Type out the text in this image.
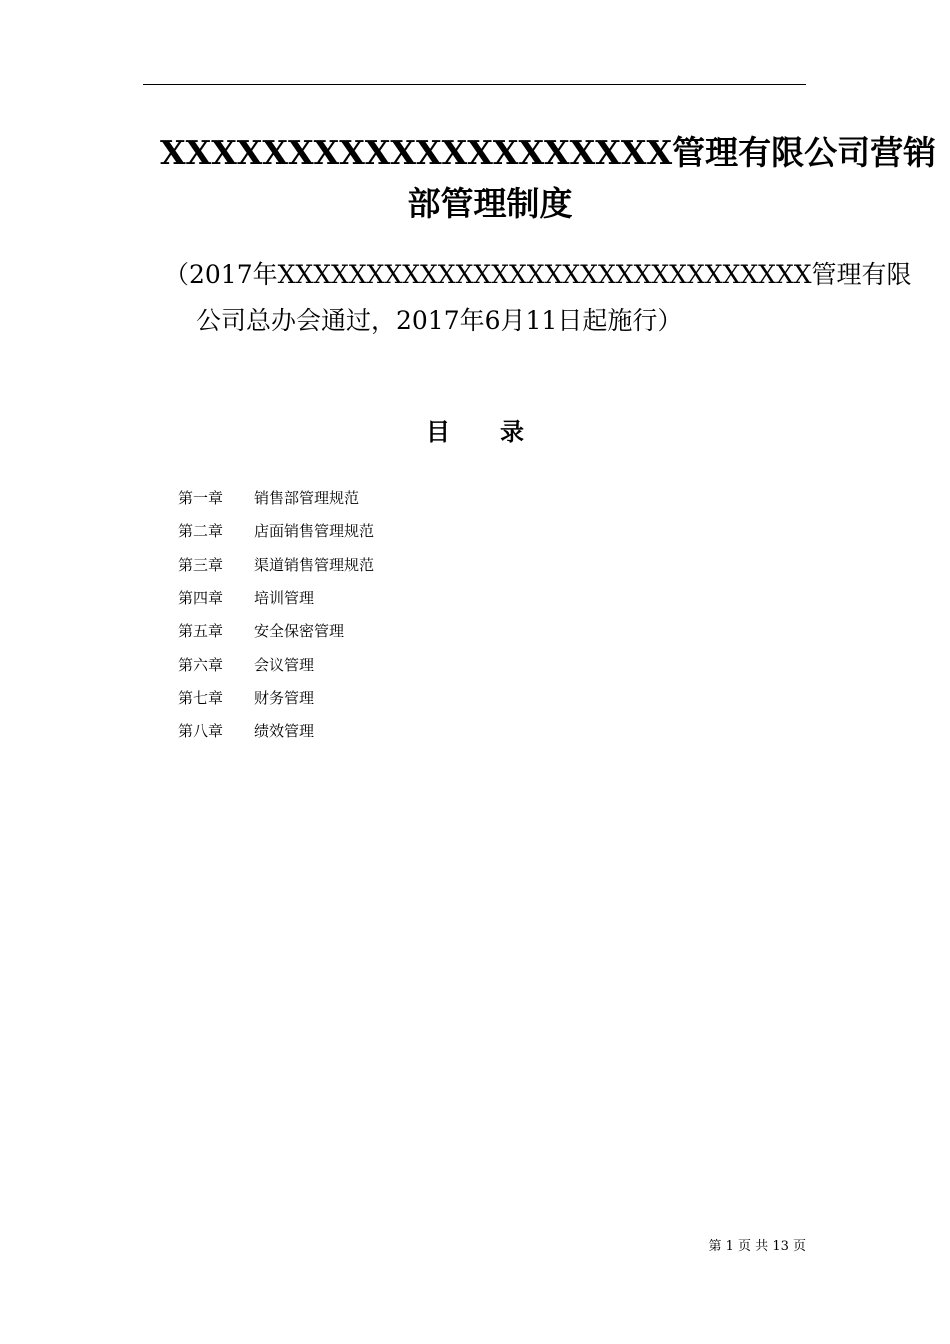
XXXXXXXXXXXXXXXXXXXX管理有限公司营销
部管理制度
（2017年XXXXXXXXXXXXXXXXXXXXXXXXXXXXXX管理有限
公司总办会通过，2017年6月11日起施行）
目 录
第一章	销售部管理规范
第二章	店面销售管理规范
第三章	渠道销售管理规范
第四章	培训管理
第五章	安全保密管理
第六章	会议管理
第七章	财务管理
第八章	绩效管理
第 1 页 共 13 页
